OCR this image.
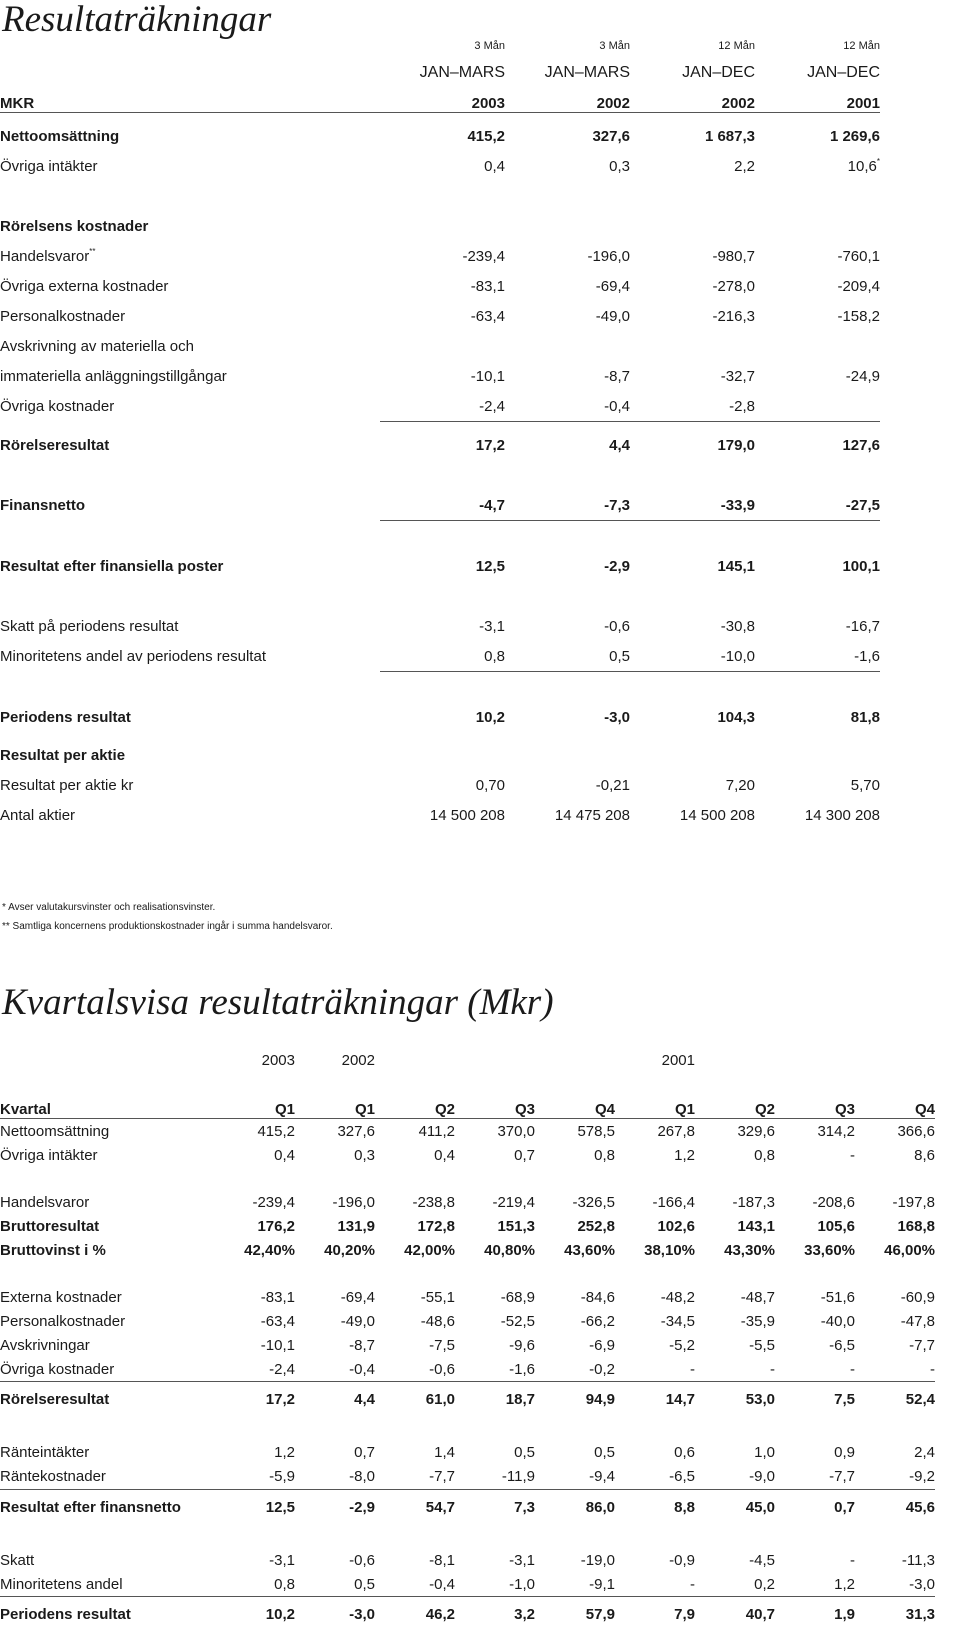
Resultaträkningar
	3 Mån	3 Mån	12 Mån	12 Mån
	JAN–MARS	JAN–MARS	JAN–DEC	JAN–DEC
MKR	2003	2002	2002	2001

Nettoomsättning	415,2	327,6	1 687,3	1 269,6
Övriga intäkter	0,4	0,3	2,2	10,6*

Rörelsens kostnader				
Handelsvaror**	-239,4	-196,0	-980,7	-760,1
Övriga externa kostnader	-83,1	-69,4	-278,0	-209,4
Personalkostnader	-63,4	-49,0	-216,3	-158,2
Avskrivning av materiella och				
immateriella anläggningstillgångar	-10,1	-8,7	-32,7	-24,9
Övriga kostnader	-2,4	-0,4	-2,8	

Rörelseresultat	17,2	4,4	179,0	127,6

Finansnetto	-4,7	-7,3	-33,9	-27,5

Resultat efter finansiella poster	12,5	-2,9	145,1	100,1

Skatt på periodens resultat	-3,1	-0,6	-30,8	-16,7
Minoritetens andel av periodens resultat	0,8	0,5	-10,0	-1,6

Periodens resultat	10,2	-3,0	104,3	81,8

Resultat per aktie				
Resultat per aktie kr	0,70	-0,21	7,20	5,70
Antal aktier	14 500 208	14 475 208	14 500 208	14 300 208
* Avser valutakursvinster och realisationsvinster.
** Samtliga koncernens produktionskostnader ingår i summa handelsvaror.
Kvartalsvisa resultaträkningar (Mkr)
	2003	2002				2001			

Kvartal	Q1	Q1	Q2	Q3	Q4	Q1	Q2	Q3	Q4
Nettoomsättning	415,2	327,6	411,2	370,0	578,5	267,8	329,6	314,2	366,6
Övriga intäkter	0,4	0,3	0,4	0,7	0,8	1,2	0,8	-	8,6

Handelsvaror	-239,4	-196,0	-238,8	-219,4	-326,5	-166,4	-187,3	-208,6	-197,8
Bruttoresultat	176,2	131,9	172,8	151,3	252,8	102,6	143,1	105,6	168,8
Bruttovinst i %	42,40%	40,20%	42,00%	40,80%	43,60%	38,10%	43,30%	33,60%	46,00%

Externa kostnader	-83,1	-69,4	-55,1	-68,9	-84,6	-48,2	-48,7	-51,6	-60,9
Personalkostnader	-63,4	-49,0	-48,6	-52,5	-66,2	-34,5	-35,9	-40,0	-47,8
Avskrivningar	-10,1	-8,7	-7,5	-9,6	-6,9	-5,2	-5,5	-6,5	-7,7
Övriga kostnader	-2,4	-0,4	-0,6	-1,6	-0,2	-	-	-	-
Rörelseresultat	17,2	4,4	61,0	18,7	94,9	14,7	53,0	7,5	52,4

Ränteintäkter	1,2	0,7	1,4	0,5	0,5	0,6	1,0	0,9	2,4
Räntekostnader	-5,9	-8,0	-7,7	-11,9	-9,4	-6,5	-9,0	-7,7	-9,2
Resultat efter finansnetto	12,5	-2,9	54,7	7,3	86,0	8,8	45,0	0,7	45,6

Skatt	-3,1	-0,6	-8,1	-3,1	-19,0	-0,9	-4,5	-	-11,3
Minoritetens andel	0,8	0,5	-0,4	-1,0	-9,1	-	0,2	1,2	-3,0
Periodens resultat	10,2	-3,0	46,2	3,2	57,9	7,9	40,7	1,9	31,3
